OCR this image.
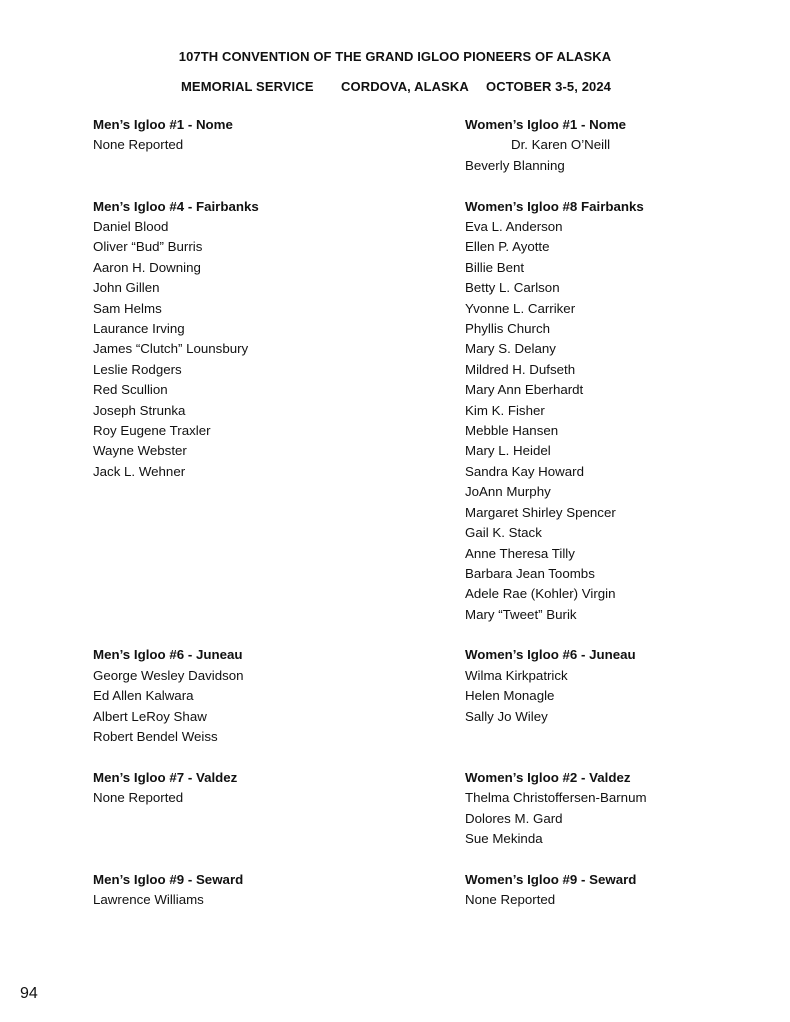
107TH CONVENTION OF THE GRAND IGLOO PIONEERS OF ALASKA
MEMORIAL SERVICE CORDOVA, ALASKA OCTOBER 3-5, 2024
Men’s Igloo #1 - Nome
None Reported
Men’s Igloo #4 - Fairbanks
Daniel Blood
Oliver “Bud” Burris
Aaron H. Downing
John Gillen
Sam Helms
Laurance Irving
James “Clutch” Lounsbury
Leslie Rodgers
Red Scullion
Joseph Strunka
Roy Eugene Traxler
Wayne Webster
Jack L. Wehner
Men’s Igloo #6 - Juneau
George Wesley Davidson
Ed Allen Kalwara
Albert LeRoy Shaw
Robert Bendel Weiss
Men’s Igloo #7 - Valdez
None Reported
Men’s Igloo #9 - Seward
Lawrence Williams
Women’s Igloo #1 - Nome
Dr. Karen O’Neill
Beverly Blanning
Women’s Igloo #8 Fairbanks
Eva L. Anderson
Ellen P. Ayotte
Billie Bent
Betty L. Carlson
Yvonne L. Carriker
Phyllis Church
Mary S. Delany
Mildred H. Dufseth
Mary Ann Eberhardt
Kim K. Fisher
Mebble Hansen
Mary L. Heidel
Sandra Kay Howard
JoAnn Murphy
Margaret Shirley Spencer
Gail K. Stack
Anne Theresa Tilly
Barbara Jean Toombs
Adele Rae (Kohler) Virgin
Mary “Tweet” Burik
Women’s Igloo #6 - Juneau
Wilma Kirkpatrick
Helen Monagle
Sally Jo Wiley
Women’s Igloo #2 - Valdez
Thelma Christoffersen-Barnum
Dolores M. Gard
Sue Mekinda
Women’s Igloo #9 - Seward
None Reported
94
